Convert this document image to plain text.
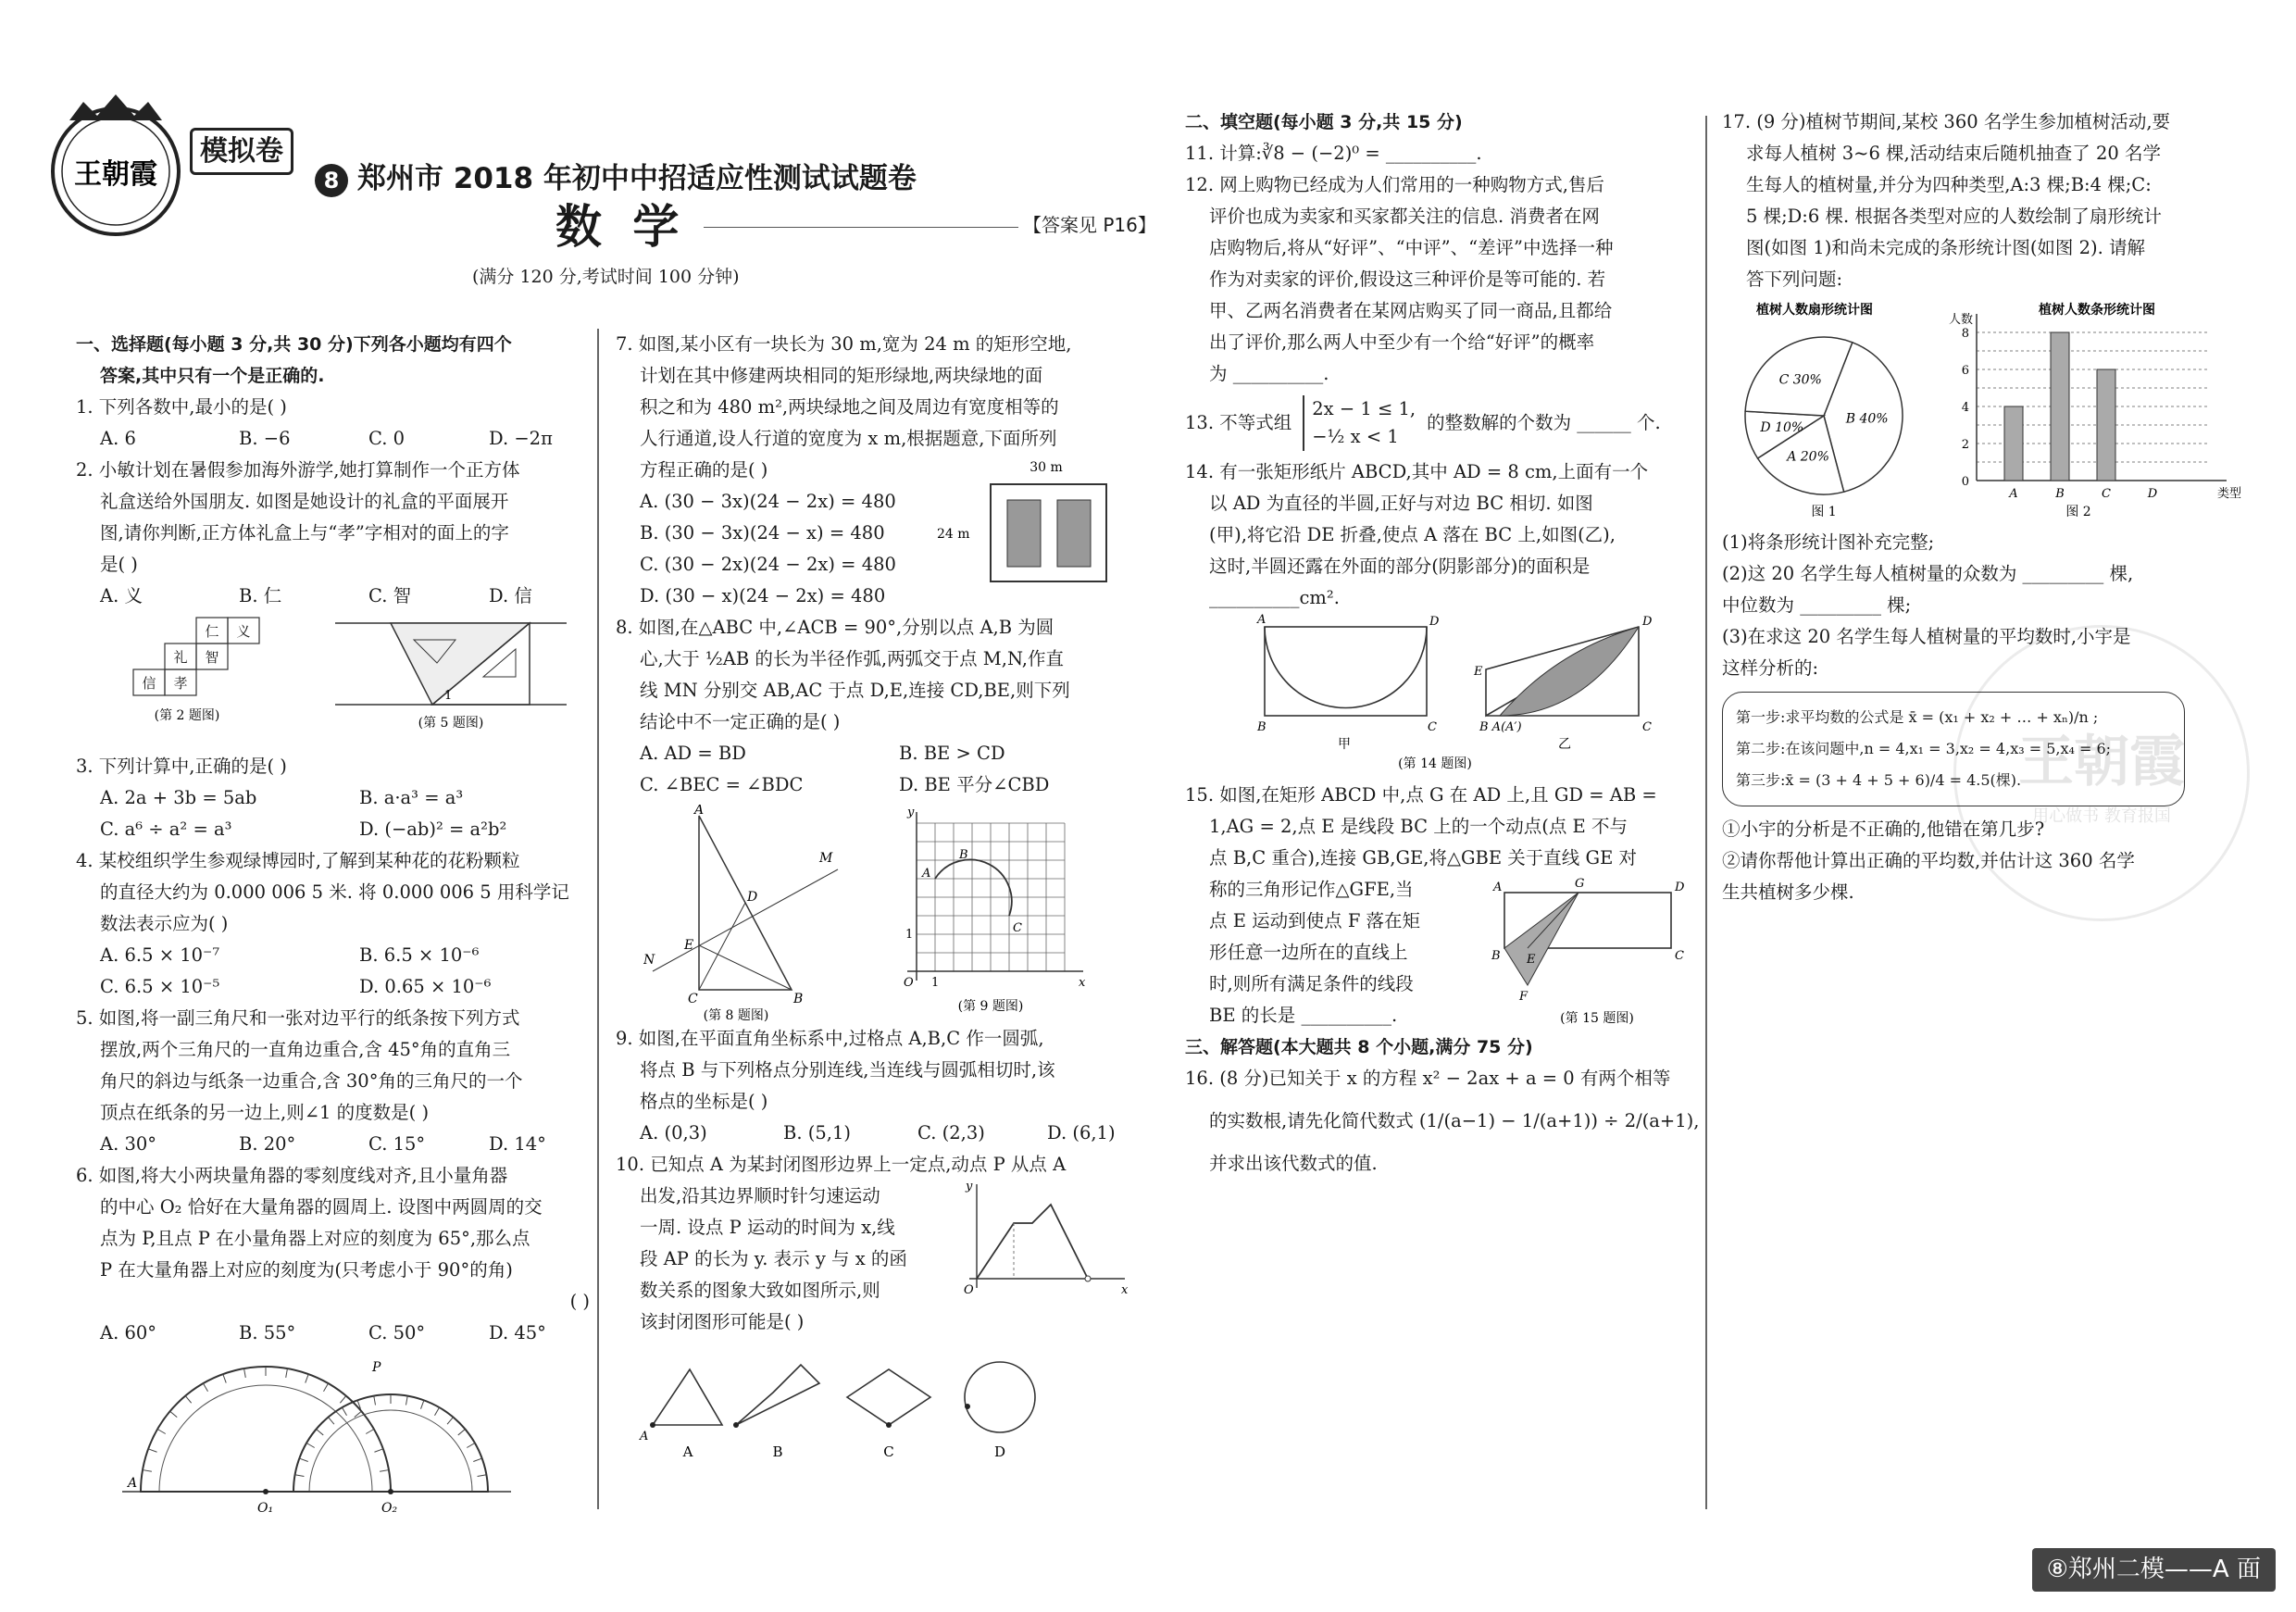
王朝霞
模拟卷
8 郑州市 2018 年初中中招适应性测试试题卷
数 学	【答案见 P16】
(满分 120 分,考试时间 100 分钟)
一、选择题(每小题 3 分,共 30 分)下列各小题均有四个
答案,其中只有一个是正确的.
1. 下列各数中,最小的是( )
A. 6	B. −6	C. 0	D. −2π
2. 小敏计划在暑假参加海外游学,她打算制作一个正方体
礼盒送给外国朋友. 如图是她设计的礼盒的平面展开
图,请你判断,正方体礼盒上与“孝”字相对的面上的字
是( )
A. 义	B. 仁	C. 智	D. 信
仁 义
礼 智
信 孝
(第 2 题图)
1
(第 5 题图)
3. 下列计算中,正确的是( )
A. 2a + 3b = 5ab	B. a·a³ = a³
C. a⁶ ÷ a² = a³	D. (−ab)² = a²b²
4. 某校组织学生参观绿博园时,了解到某种花的花粉颗粒
的直径大约为 0.000 006 5 米. 将 0.000 006 5 用科学记
数法表示应为( )
A. 6.5 × 10⁻⁷	B. 6.5 × 10⁻⁶
C. 6.5 × 10⁻⁵	D. 0.65 × 10⁻⁶
5. 如图,将一副三角尺和一张对边平行的纸条按下列方式
摆放,两个三角尺的一直角边重合,含 45°角的直角三
角尺的斜边与纸条一边重合,含 30°角的三角尺的一个
顶点在纸条的另一边上,则∠1 的度数是( )
A. 30°	B. 20°	C. 15°	D. 14°
6. 如图,将大小两块量角器的零刻度线对齐,且小量角器
的中心 O₂ 恰好在大量角器的圆周上. 设图中两圆周的交
点为 P,且点 P 在小量角器上对应的刻度为 65°,那么点
P 在大量角器上对应的刻度为(只考虑小于 90°的角)
( )
A. 60°	B. 55°	C. 50°	D. 45°
A
P
O₁	O₂
7. 如图,某小区有一块长为 30 m,宽为 24 m 的矩形空地,
计划在其中修建两块相同的矩形绿地,两块绿地的面
积之和为 480 m²,两块绿地之间及周边有宽度相等的
人行通道,设人行道的宽度为 x m,根据题意,下面所列
方程正确的是( )
A. (30 − 3x)(24 − 2x) = 480
B. (30 − 3x)(24 − x) = 480
C. (30 − 2x)(24 − 2x) = 480
D. (30 − x)(24 − 2x) = 480
30 m
24 m
8. 如图,在△ABC 中,∠ACB = 90°,分别以点 A,B 为圆
心,大于 ½AB 的长为半径作弧,两弧交于点 M,N,作直
线 MN 分别交 AB,AC 于点 D,E,连接 CD,BE,则下列
结论中不一定正确的是( )
A. AD = BD	B. BE > CD
C. ∠BEC = ∠BDC	D. BE 平分∠CBD
A
M
D
N
E
C	B
(第 8 题图)
y
x
O 1
1
A
B
C
(第 9 题图)
9. 如图,在平面直角坐标系中,过格点 A,B,C 作一圆弧,
将点 B 与下列格点分别连线,当连线与圆弧相切时,该
格点的坐标是( )
A. (0,3)	B. (5,1)	C. (2,3)	D. (6,1)
10. 已知点 A 为某封闭图形边界上一定点,动点 P 从点 A
出发,沿其边界顺时针匀速运动
一周. 设点 P 运动的时间为 x,线
段 AP 的长为 y. 表示 y 与 x 的函
数关系的图象大致如图所示,则
该封闭图形可能是( )
y
x
O
A
A	B	C	D
二、填空题(每小题 3 分,共 15 分)
11. 计算:∛8 − (−2)⁰ = __________.
12. 网上购物已经成为人们常用的一种购物方式,售后
评价也成为卖家和买家都关注的信息. 消费者在网
店购物后,将从“好评”、“中评”、“差评”中选择一种
作为对卖家的评价,假设这三种评价是等可能的. 若
甲、乙两名消费者在某网店购买了同一商品,且都给
出了评价,那么两人中至少有一个给“好评”的概率
为 __________.
13. 不等式组
2x − 1 ≤ 1,
−½ x < 1
的整数解的个数为 ______ 个.
14. 有一张矩形纸片 ABCD,其中 AD = 8 cm,上面有一个
以 AD 为直径的半圆,正好与对边 BC 相切. 如图
(甲),将它沿 DE 折叠,使点 A 落在 BC 上,如图(乙),
这时,半圆还露在外面的部分(阴影部分)的面积是
__________cm².
A	D
B	C
甲
E
D
B A(A′)	C
乙
(第 14 题图)
15. 如图,在矩形 ABCD 中,点 G 在 AD 上,且 GD = AB =
1,AG = 2,点 E 是线段 BC 上的一个动点(点 E 不与
点 B,C 重合),连接 GB,GE,将△GBE 关于直线 GE 对
称的三角形记作△GFE,当
点 E 运动到使点 F 落在矩
形任意一边所在的直线上
时,则所有满足条件的线段
BE 的长是 __________.
A	G	D
B E	C
F
(第 15 题图)
三、解答题(本大题共 8 个小题,满分 75 分)
16. (8 分)已知关于 x 的方程 x² − 2ax + a = 0 有两个相等
的实数根,请先化简代数式 (1/(a−1) − 1/(a+1)) ÷ 2/(a+1),
并求出该代数式的值.
17. (9 分)植树节期间,某校 360 名学生参加植树活动,要
求每人植树 3~6 棵,活动结束后随机抽查了 20 名学
生每人的植树量,并分为四种类型,A:3 棵;B:4 棵;C:
5 棵;D:6 棵. 根据各类型对应的人数绘制了扇形统计
图(如图 1)和尚未完成的条形统计图(如图 2). 请解
答下列问题:
植树人数扇形统计图
B 40%
A 20%
D 10%
C 30%
图 1
植树人数条形统计图
0
2
4
6
8
人数
类型
A	B	C	D
图 2
(1)将条形统计图补充完整;
(2)这 20 名学生每人植树量的众数为 _________ 棵,
中位数为 _________ 棵;
(3)在求这 20 名学生每人植树量的平均数时,小宇是
这样分析的:
第一步:求平均数的公式是 x̄ = (x₁ + x₂ + … + xₙ)/n ;
第二步:在该问题中,n = 4,x₁ = 3,x₂ = 4,x₃ = 5,x₄ = 6;
第三步:x̄ = (3 + 4 + 5 + 6)/4 = 4.5(棵).
①小宇的分析是不正确的,他错在第几步?
②请你帮他计算出正确的平均数,并估计这 360 名学
生共植树多少棵.
王朝霞
用心做书 教育报国
⑧郑州二模——A 面
